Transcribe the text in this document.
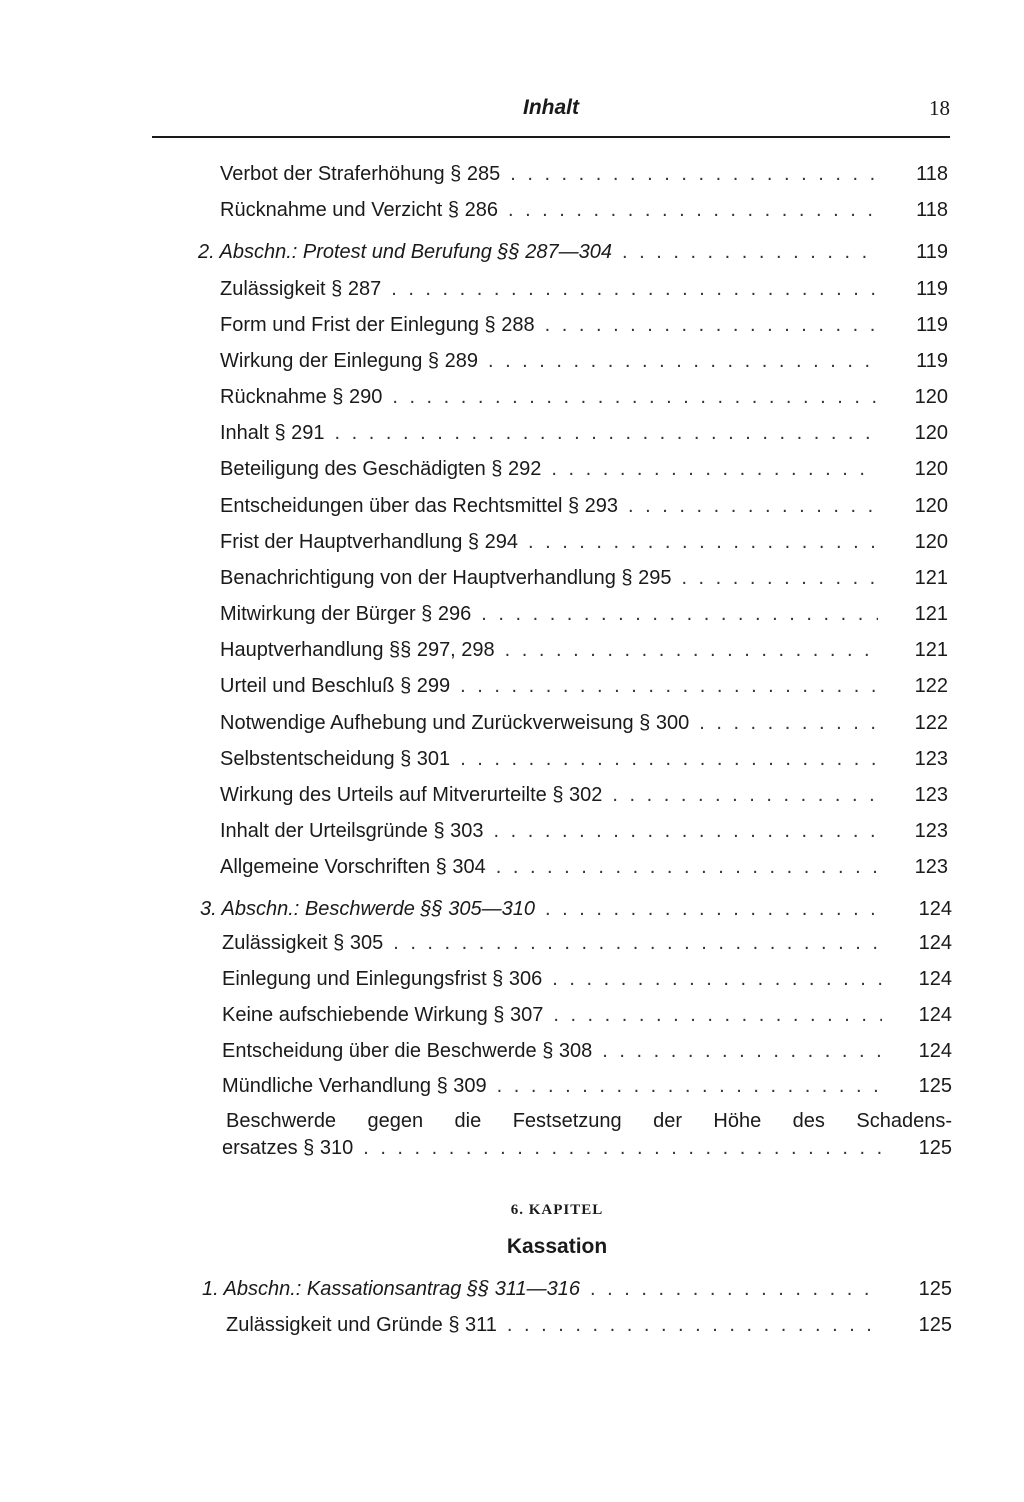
Inhalt	18
Verbot der Straferhöhung § 285 . . .	118
Rücknahme und Verzicht § 286 . . .	118
2. Abschn.: Protest und Berufung §§ 287—304 . . .	119
Zulässigkeit § 287 . . .	119
Form und Frist der Einlegung § 288 . . .	119
Wirkung der Einlegung § 289 . . .	119
Rücknahme § 290 . . .	120
Inhalt § 291 . . .	120
Beteiligung des Geschädigten § 292 . . .	120
Entscheidungen über das Rechtsmittel § 293 . . .	120
Frist der Hauptverhandlung § 294 . . .	120
Benachrichtigung von der Hauptverhandlung § 295 . . .	121
Mitwirkung der Bürger § 296 . . .	121
Hauptverhandlung §§ 297, 298 . . .	121
Urteil und Beschluß § 299 . . .	122
Notwendige Aufhebung und Zurückverweisung § 300 . . .	122
Selbstentscheidung § 301 . . .	123
Wirkung des Urteils auf Mitverurteilte § 302 . . .	123
Inhalt der Urteilsgründe § 303 . . .	123
Allgemeine Vorschriften § 304 . . .	123
3. Abschn.: Beschwerde §§ 305—310 . . .	124
Zulässigkeit § 305 . . .	124
Einlegung und Einlegungsfrist § 306 . . .	124
Keine aufschiebende Wirkung § 307 . . .	124
Entscheidung über die Beschwerde § 308 . . .	124
Mündliche Verhandlung § 309 . . .	125
Beschwerde gegen die Festsetzung der Höhe des Schadens-
ersatzes § 310 . . .	125
6. KAPITEL
Kassation
1. Abschn.: Kassationsantrag §§ 311—316 . . .	125
Zulässigkeit und Gründe § 311 . . .	125
